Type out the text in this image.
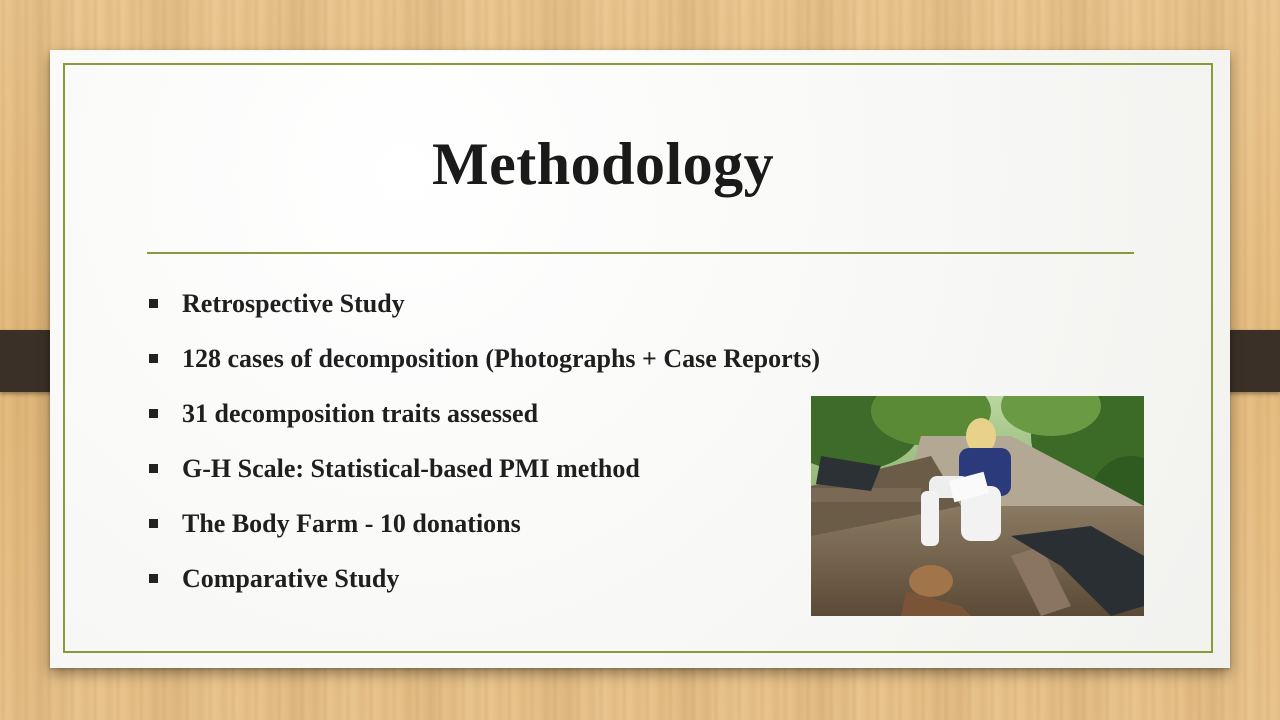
Methodology
Retrospective Study
128 cases of decomposition (Photographs + Case Reports)
31 decomposition traits assessed
G-H Scale: Statistical-based PMI method
The Body Farm - 10 donations
Comparative Study
